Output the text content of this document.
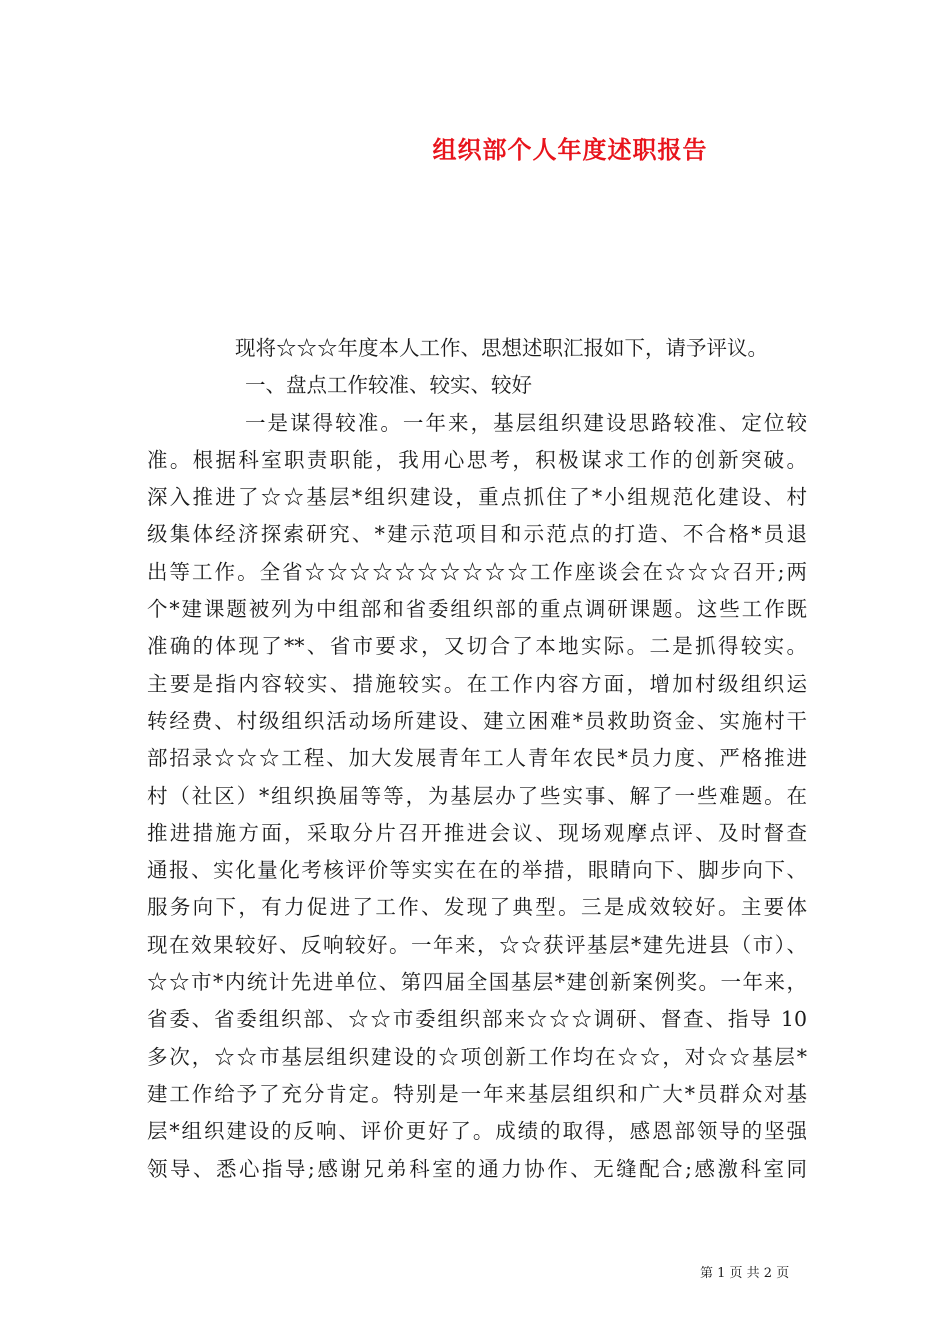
组织部个人年度述职报告
现将☆☆☆年度本人工作、思想述职汇报如下，请予评议。
一、盘点工作较准、较实、较好
一是谋得较准。一年来，基层组织建设思路较准、定位较
准。根据科室职责职能，我用心思考，积极谋求工作的创新突破。
深入推进了☆☆基层*组织建设，重点抓住了*小组规范化建设、村
级集体经济探索研究、*建示范项目和示范点的打造、不合格*员退
出等工作。全省☆☆☆☆☆☆☆☆☆☆工作座谈会在☆☆☆召开;两
个*建课题被列为中组部和省委组织部的重点调研课题。这些工作既
准确的体现了**、省市要求，又切合了本地实际。二是抓得较实。
主要是指内容较实、措施较实。在工作内容方面，增加村级组织运
转经费、村级组织活动场所建设、建立困难*员救助资金、实施村干
部招录☆☆☆工程、加大发展青年工人青年农民*员力度、严格推进
村（社区）*组织换届等等，为基层办了些实事、解了一些难题。在
推进措施方面，采取分片召开推进会议、现场观摩点评、及时督查
通报、实化量化考核评价等实实在在的举措，眼睛向下、脚步向下、
服务向下，有力促进了工作、发现了典型。三是成效较好。主要体
现在效果较好、反响较好。一年来，☆☆获评基层*建先进县（市）、
☆☆市*内统计先进单位、第四届全国基层*建创新案例奖。一年来，
省委、省委组织部、☆☆市委组织部来☆☆☆调研、督查、指导 10
多次，☆☆市基层组织建设的☆项创新工作均在☆☆，对☆☆基层*
建工作给予了充分肯定。特别是一年来基层组织和广大*员群众对基
层*组织建设的反响、评价更好了。成绩的取得，感恩部领导的坚强
领导、悉心指导;感谢兄弟科室的通力协作、无缝配合;感激科室同
第 1 页 共 2 页
